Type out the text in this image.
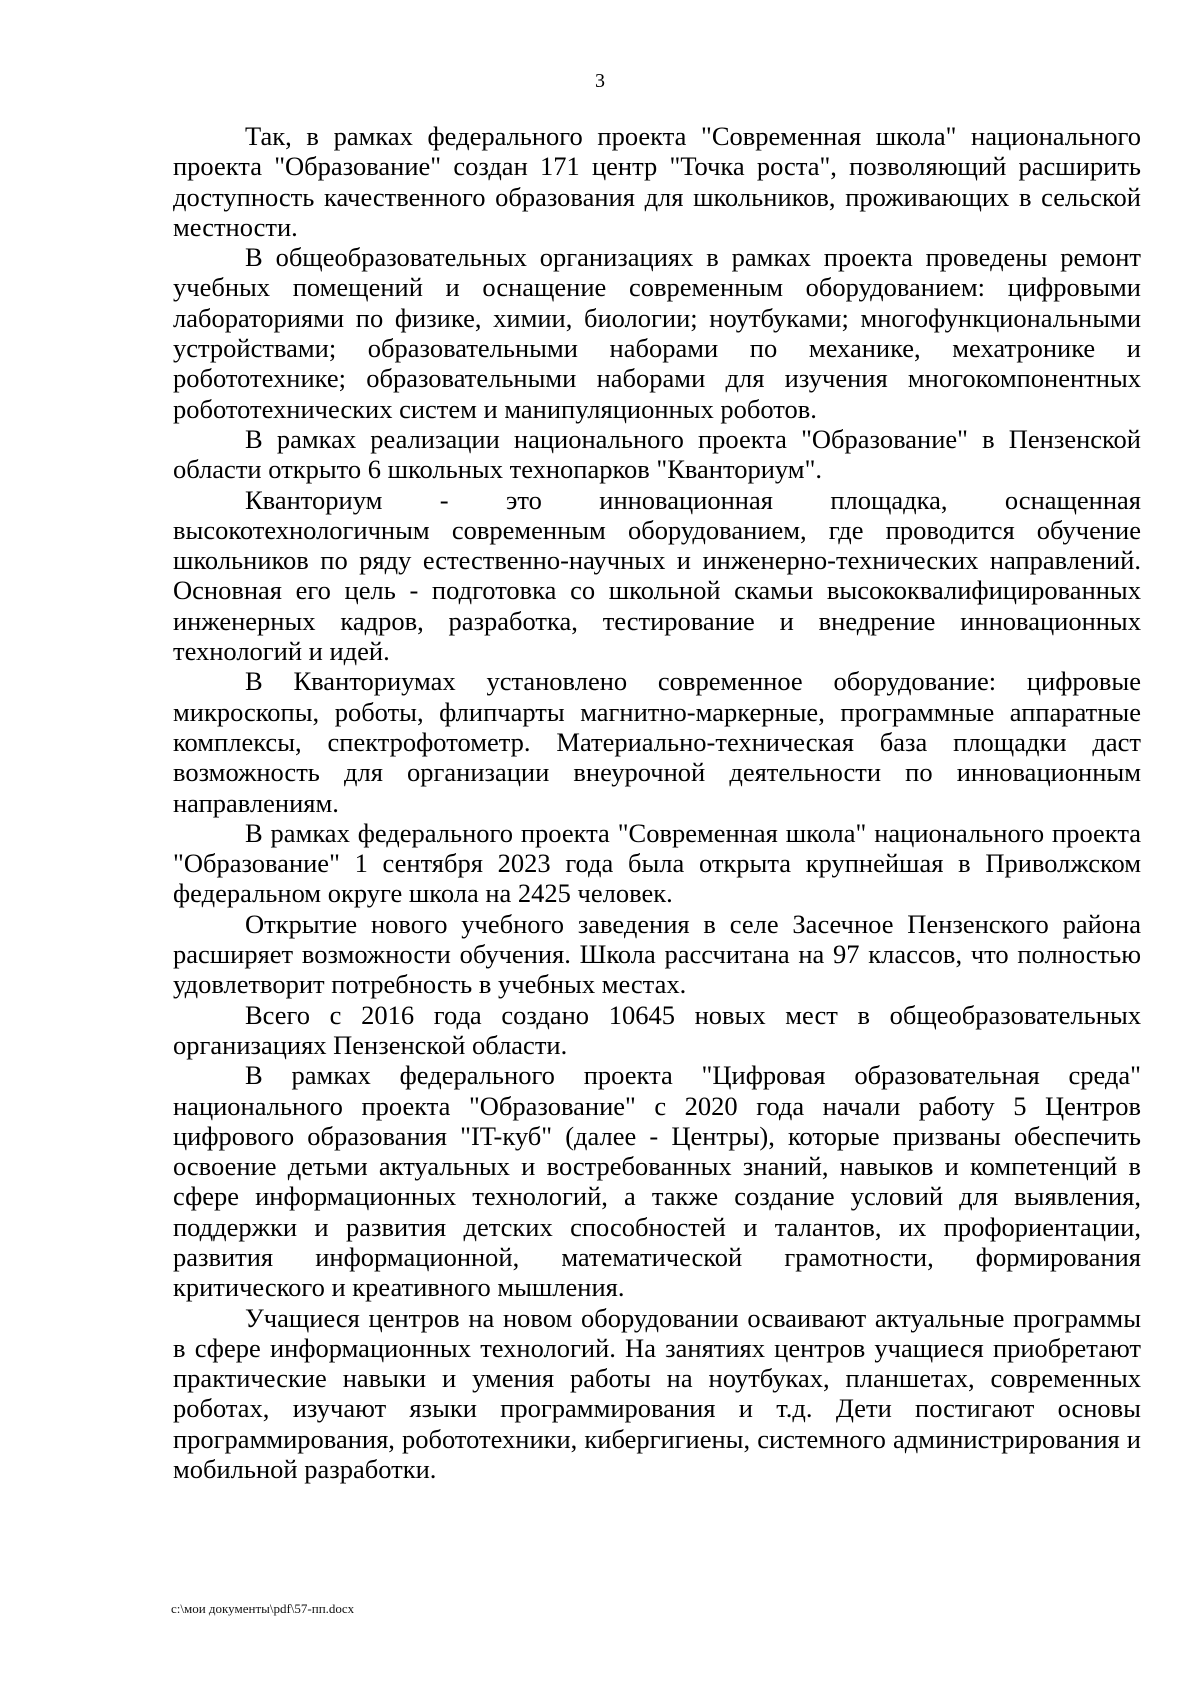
3

Так, в рамках федерального проекта "Современная школа" национального проекта "Образование" создан 171 центр "Точка роста", позволяющий расширить доступность качественного образования для школьников, проживающих в сельской местности.

В общеобразовательных организациях в рамках проекта проведены ремонт учебных помещений и оснащение современным оборудованием: цифровыми лабораториями по физике, химии, биологии; ноутбуками; многофункциональными устройствами; образовательными наборами по механике, мехатронике и робототехнике; образовательными наборами для изучения многокомпонентных робототехнических систем и манипуляционных роботов.

В рамках реализации национального проекта "Образование" в Пензенской области открыто 6 школьных технопарков "Кванториум".

Кванториум - это инновационная площадка, оснащенная высокотехнологичным современным оборудованием, где проводится обучение школьников по ряду естественно-научных и инженерно-технических направлений. Основная его цель - подготовка со школьной скамьи высококвалифицированных инженерных кадров, разработка, тестирование и внедрение инновационных технологий и идей.

В Кванториумах установлено современное оборудование: цифровые микроскопы, роботы, флипчарты магнитно-маркерные, программные аппаратные комплексы, спектрофотометр. Материально-техническая база площадки даст возможность для организации внеурочной деятельности по инновационным направлениям.

В рамках федерального проекта "Современная школа" национального проекта "Образование" 1 сентября 2023 года была открыта крупнейшая в Приволжском федеральном округе школа на 2425 человек.

Открытие нового учебного заведения в селе Засечное Пензенского района расширяет возможности обучения. Школа рассчитана на 97 классов, что полностью удовлетворит потребность в учебных местах.

Всего с 2016 года создано 10645 новых мест в общеобразовательных организациях Пензенской области.

В рамках федерального проекта "Цифровая образовательная среда" национального проекта "Образование" с 2020 года начали работу 5 Центров цифрового образования "IT-куб" (далее - Центры), которые призваны обеспечить освоение детьми актуальных и востребованных знаний, навыков и компетенций в сфере информационных технологий, а также создание условий для выявления, поддержки и развития детских способностей и талантов, их профориентации, развития информационной, математической грамотности, формирования критического и креативного мышления.

Учащиеся центров на новом оборудовании осваивают актуальные программы в сфере информационных технологий. На занятиях центров учащиеся приобретают практические навыки и умения работы на ноутбуках, планшетах, современных роботах, изучают языки программирования и т.д. Дети постигают основы программирования, робототехники, кибергигиены, системного администрирования и мобильной разработки.

c:\мои документы\pdf\57-пп.docx
